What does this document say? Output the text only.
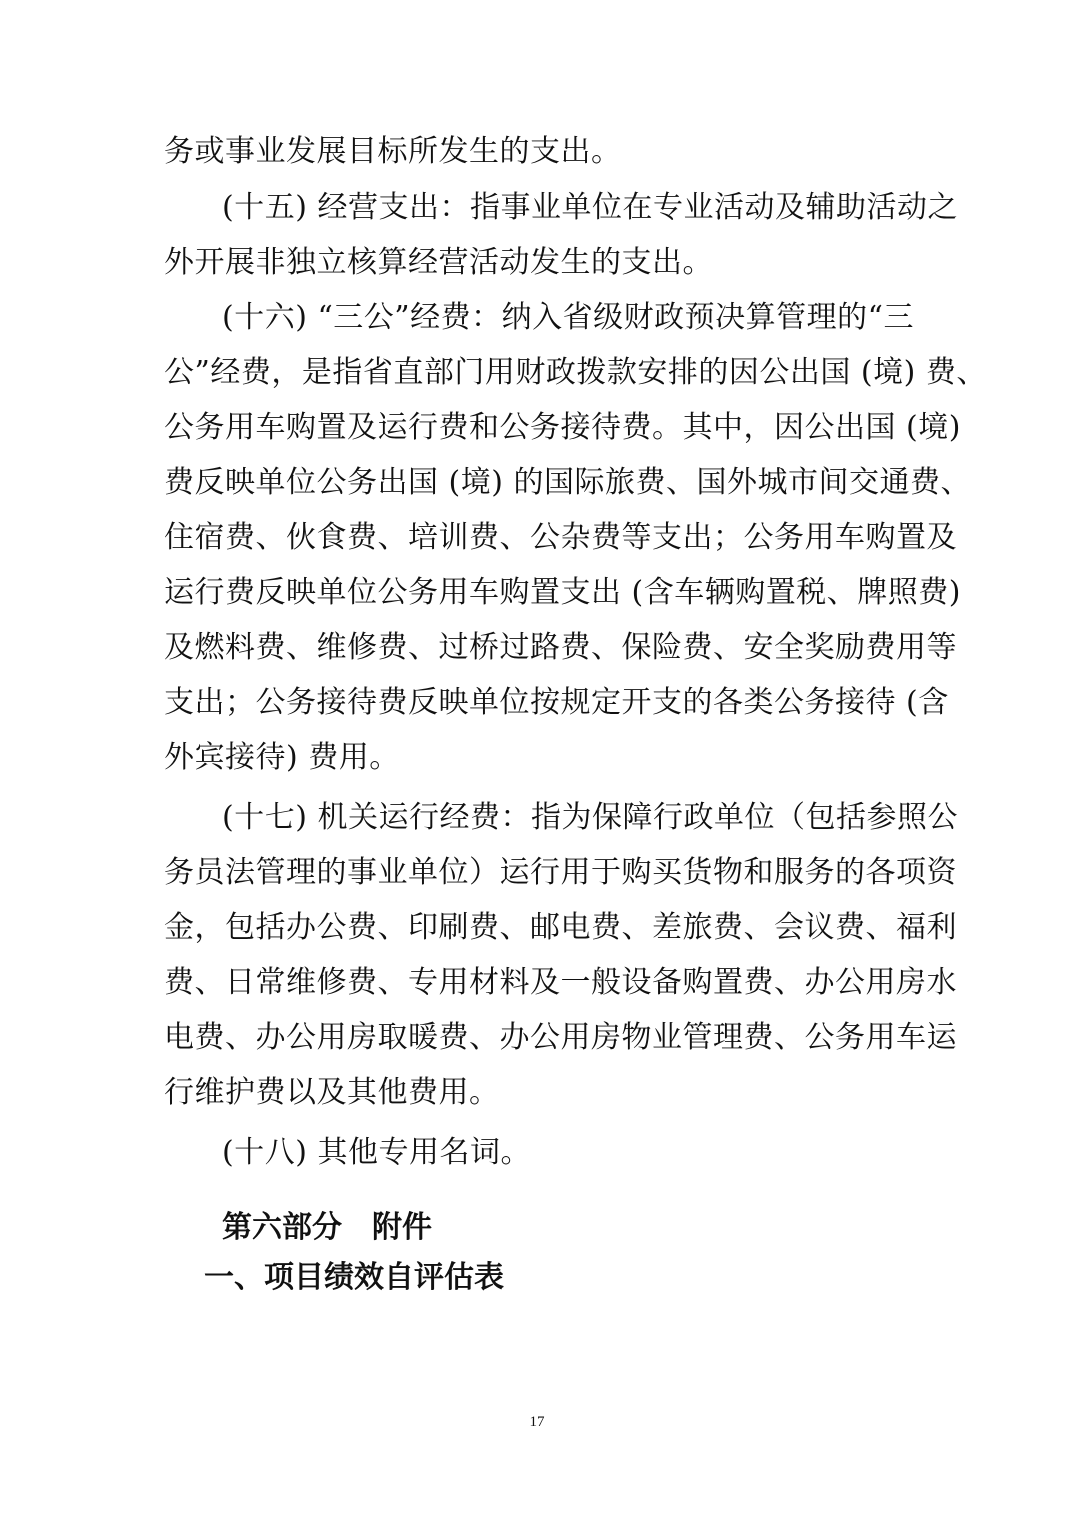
务或事业发展目标所发生的支出。
(十五) 经营支出：指事业单位在专业活动及辅助活动之
外开展非独立核算经营活动发生的支出。
(十六) “三公”经费：纳入省级财政预决算管理的“三
公”经费，是指省直部门用财政拨款安排的因公出国 (境) 费、
公务用车购置及运行费和公务接待费。其中，因公出国 (境)
费反映单位公务出国 (境) 的国际旅费、国外城市间交通费、
住宿费、伙食费、培训费、公杂费等支出；公务用车购置及
运行费反映单位公务用车购置支出 (含车辆购置税、牌照费)
及燃料费、维修费、过桥过路费、保险费、安全奖励费用等
支出；公务接待费反映单位按规定开支的各类公务接待 (含
外宾接待) 费用。
(十七) 机关运行经费：指为保障行政单位（包括参照公
务员法管理的事业单位）运行用于购买货物和服务的各项资
金，包括办公费、印刷费、邮电费、差旅费、会议费、福利
费、日常维修费、专用材料及一般设备购置费、办公用房水
电费、办公用房取暖费、办公用房物业管理费、公务用车运
行维护费以及其他费用。
(十八) 其他专用名词。
第六部分　附件
一、项目绩效自评估表
17
